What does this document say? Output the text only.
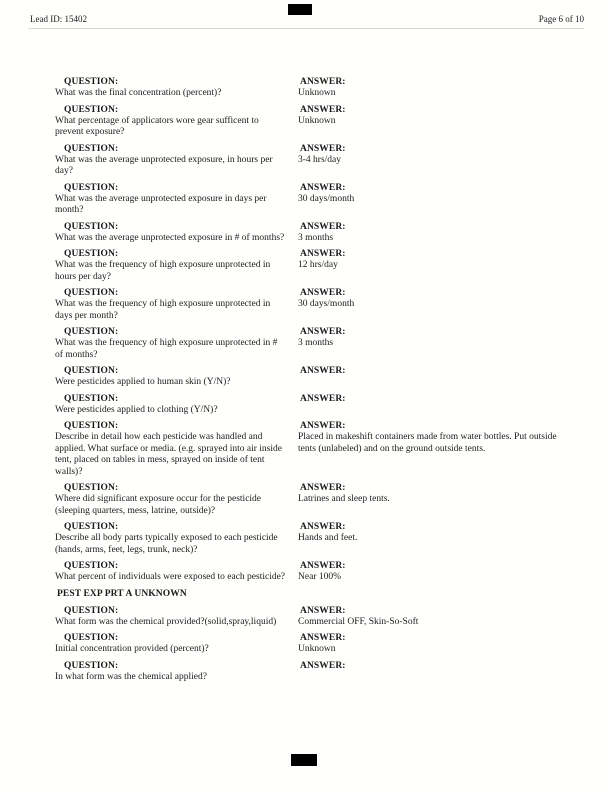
Lead ID: 15402	Page 6 of 10
QUESTION:
What was the final concentration (percent)?
ANSWER:
Unknown
QUESTION:
What percentage of applicators wore gear sufficent to prevent exposure?
ANSWER:
Unknown
QUESTION:
What was the average unprotected exposure, in hours per day?
ANSWER:
3-4 hrs/day
QUESTION:
What was the average unprotected exposure in days per month?
ANSWER:
30 days/month
QUESTION:
What was the average unprotected exposure in # of months?
ANSWER:
3 months
QUESTION:
What was the frequency of high exposure unprotected in hours per day?
ANSWER:
12 hrs/day
QUESTION:
What was the frequency of high exposure unprotected in days per month?
ANSWER:
30 days/month
QUESTION:
What was the frequency of high exposure unprotected in # of months?
ANSWER:
3 months
QUESTION:
Were pesticides applied to human skin (Y/N)?
ANSWER:
QUESTION:
Were pesticides applied to clothing (Y/N)?
ANSWER:
QUESTION:
Describe in detail how each pesticide was handled and applied. What surface or media. (e.g. sprayed into air inside tent, placed on tables in mess, sprayed on inside of tent walls)?
ANSWER:
Placed in makeshift containers made from water bottles. Put outside tents (unlabeled) and on the ground outside tents.
QUESTION:
Where did significant exposure occur for the pesticide (sleeping quarters, mess, latrine, outside)?
ANSWER:
Latrines and sleep tents.
QUESTION:
Describe all body parts typically exposed to each pesticide (hands, arms, feet, legs, trunk, neck)?
ANSWER:
Hands and feet.
QUESTION:
What percent of individuals were exposed to each pesticide?
ANSWER:
Near 100%
PEST EXP PRT A UNKNOWN
QUESTION:
What form was the chemical provided?(solid,spray,liquid)
ANSWER:
Commercial OFF, Skin-So-Soft
QUESTION:
Initial concentration provided (percent)?
ANSWER:
Unknown
QUESTION:
In what form was the chemical applied?
ANSWER:
